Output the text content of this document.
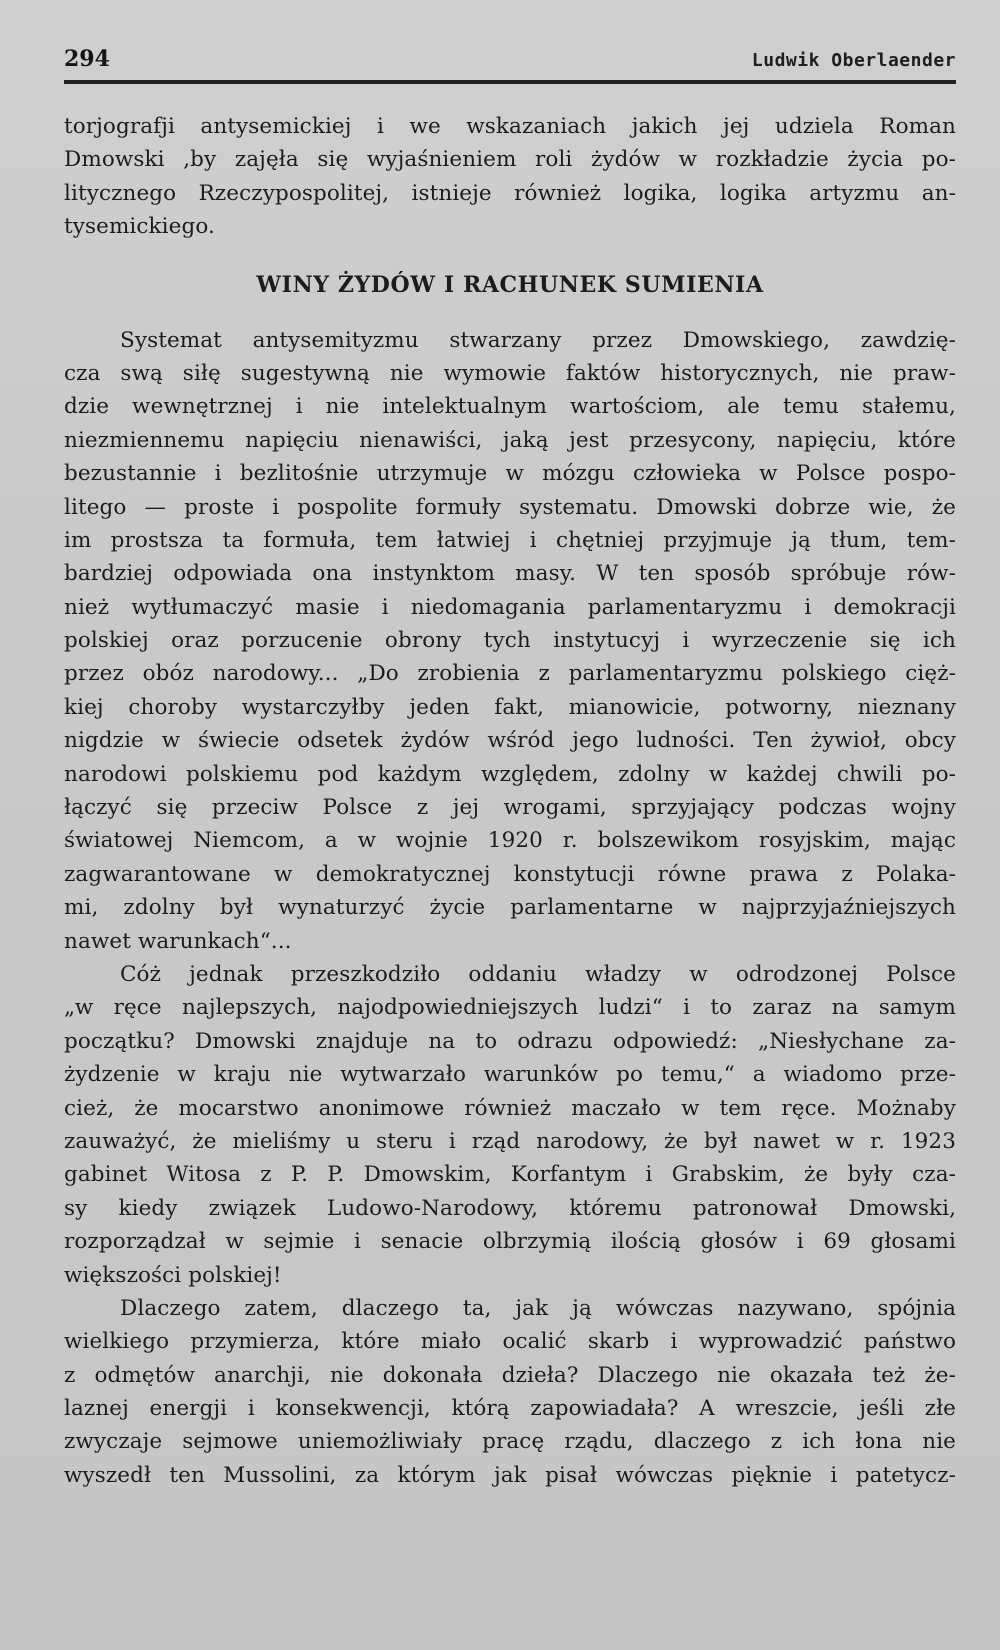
294	Ludwik Oberlaender
torjografji antysemickiej i we wskazaniach jakich jej udziela Roman
Dmowski ,by zajęła się wyjaśnieniem roli żydów w rozkładzie życia po-
litycznego Rzeczypospolitej, istnieje również logika, logika artyzmu an-
tysemickiego.
WINY ŻYDÓW I RACHUNEK SUMIENIA
Systemat antysemityzmu stwarzany przez Dmowskiego, zawdzię-
cza swą siłę sugestywną nie wymowie faktów historycznych, nie praw-
dzie wewnętrznej i nie intelektualnym wartościom, ale temu stałemu,
niezmiennemu napięciu nienawiści, jaką jest przesycony, napięciu, które
bezustannie i bezlitośnie utrzymuje w mózgu człowieka w Polsce pospo-
litego — proste i pospolite formuły systematu. Dmowski dobrze wie, że
im prostsza ta formuła, tem łatwiej i chętniej przyjmuje ją tłum, tem-
bardziej odpowiada ona instynktom masy. W ten sposób spróbuje rów-
nież wytłumaczyć masie i niedomagania parlamentaryzmu i demokracji
polskiej oraz porzucenie obrony tych instytucyj i wyrzeczenie się ich
przez obóz narodowy... „Do zrobienia z parlamentaryzmu polskiego cięż-
kiej choroby wystarczyłby jeden fakt, mianowicie, potworny, nieznany
nigdzie w świecie odsetek żydów wśród jego ludności. Ten żywioł, obcy
narodowi polskiemu pod każdym względem, zdolny w każdej chwili po-
łączyć się przeciw Polsce z jej wrogami, sprzyjający podczas wojny
światowej Niemcom, a w wojnie 1920 r. bolszewikom rosyjskim, mając
zagwarantowane w demokratycznej konstytucji równe prawa z Polaka-
mi, zdolny był wynaturzyć życie parlamentarne w najprzyjaźniejszych
nawet warunkach“...
Cóż jednak przeszkodziło oddaniu władzy w odrodzonej Polsce
„w ręce najlepszych, najodpowiedniejszych ludzi“ i to zaraz na samym
początku? Dmowski znajduje na to odrazu odpowiedź: „Niesłychane za-
żydzenie w kraju nie wytwarzało warunków po temu,“ a wiadomo prze-
cież, że mocarstwo anonimowe również maczało w tem ręce. Możnaby
zauważyć, że mieliśmy u steru i rząd narodowy, że był nawet w r. 1923
gabinet Witosa z P. P. Dmowskim, Korfantym i Grabskim, że były cza-
sy kiedy związek Ludowo-Narodowy, któremu patronował Dmowski,
rozporządzał w sejmie i senacie olbrzymią ilością głosów i 69 głosami
większości polskiej!
Dlaczego zatem, dlaczego ta, jak ją wówczas nazywano, spójnia
wielkiego przymierza, które miało ocalić skarb i wyprowadzić państwo
z odmętów anarchji, nie dokonała dzieła? Dlaczego nie okazała też że-
laznej energji i konsekwencji, którą zapowiadała? A wreszcie, jeśli złe
zwyczaje sejmowe uniemożliwiały pracę rządu, dlaczego z ich łona nie
wyszedł ten Mussolini, za którym jak pisał wówczas pięknie i patetycz-
